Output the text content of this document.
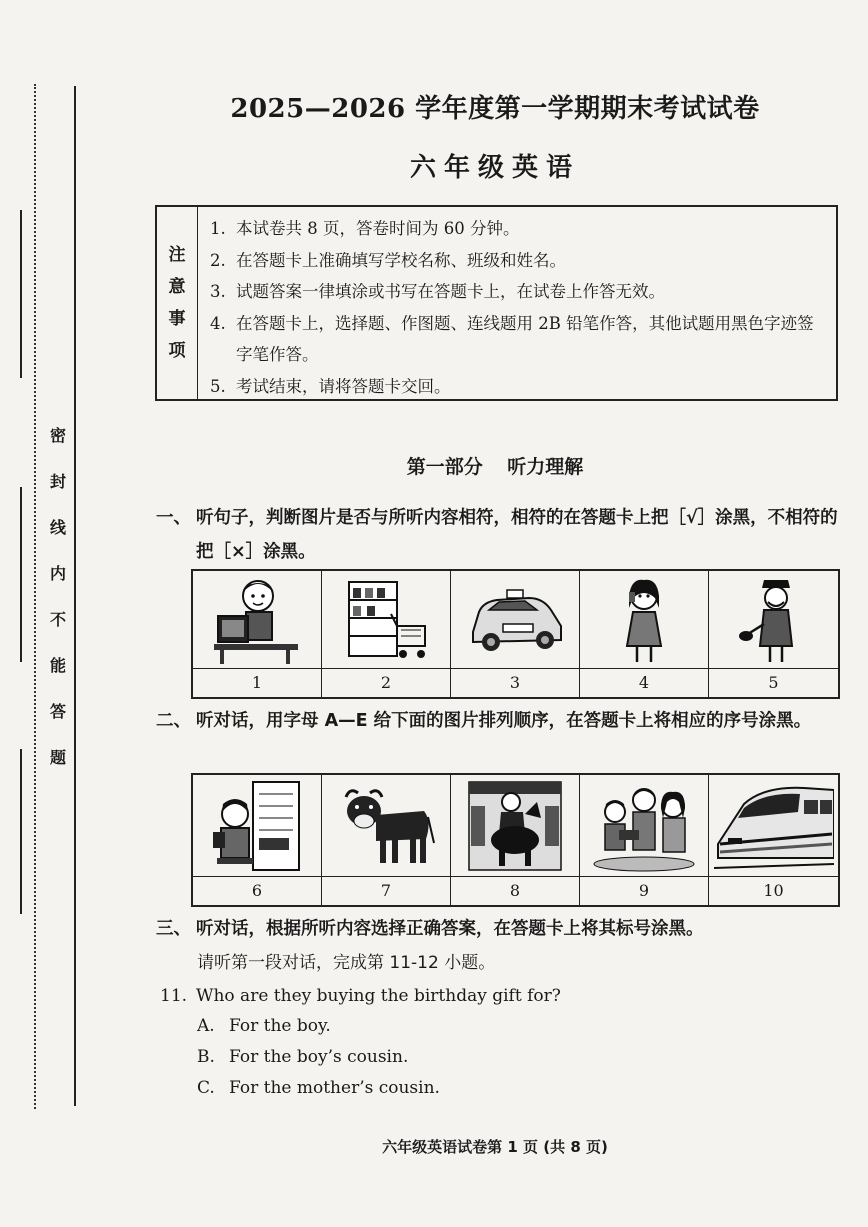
密
封
线
内
不
能
答
题
2025—2026 学年度第一学期期末考试试卷
六年级英语
注
意
事
项
1. 本试卷共 8 页，答卷时间为 60 分钟。
2. 在答题卡上准确填写学校名称、班级和姓名。
3. 试题答案一律填涂或书写在答题卡上，在试卷上作答无效。
4. 在答题卡上，选择题、作图题、连线题用 2B 铅笔作答，其他试题用黑色字迹签字笔作答。
5. 考试结束，请将答题卡交回。
第一部分 听力理解
一、 听句子，判断图片是否与所听内容相符，相符的在答题卡上把［√］涂黑，不相符的把［×］涂黑。
1	2	3	4	5
二、 听对话，用字母 A—E 给下面的图片排列顺序，在答题卡上将相应的序号涂黑。
6	7	8	9	10
三、 听对话，根据所听内容选择正确答案，在答题卡上将其标号涂黑。
请听第一段对话，完成第 11-12 小题。
11. Who are they buying the birthday gift for?
A. For the boy.
B. For the boy’s cousin.
C. For the mother’s cousin.
六年级英语试卷第 1 页 (共 8 页)
